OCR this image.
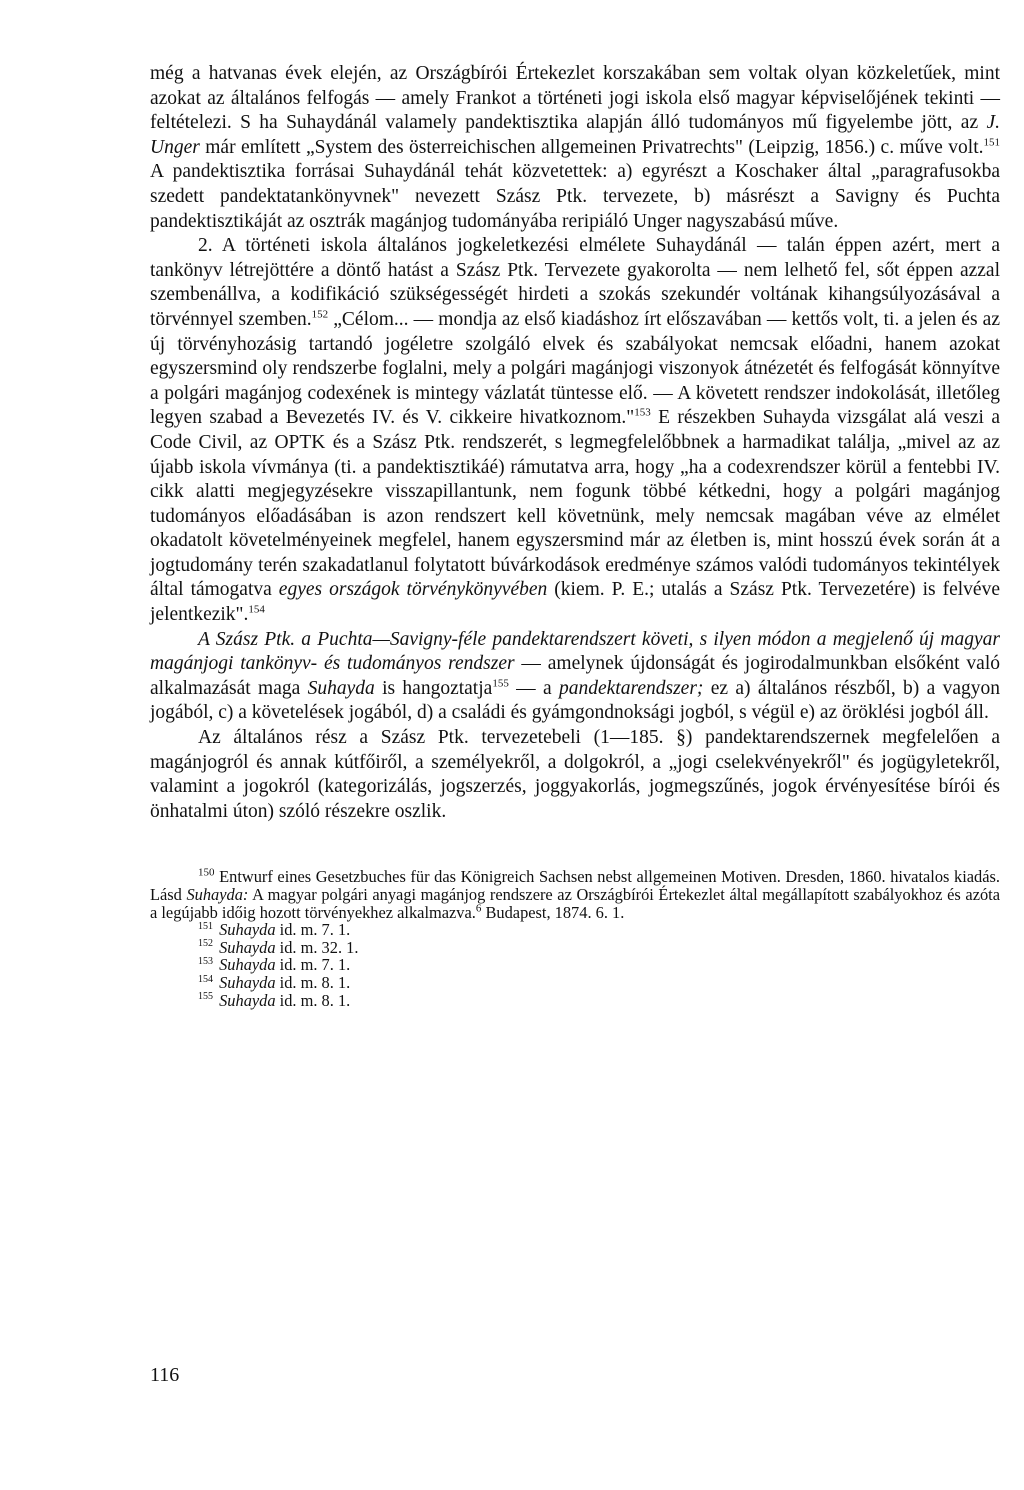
még a hatvanas évek elején, az Országbírói Értekezlet korszakában sem voltak olyan közkeletűek, mint azokat az általános felfogás — amely Frankot a történeti jogi iskola első magyar képviselőjének tekinti — feltételezi. S ha Suhaydánál valamely pandektisztika alapján álló tudományos mű figyelembe jött, az J. Unger már említett „System des österreichischen allgemeinen Privatrechts" (Leipzig, 1856.) c. műve volt.$^{151}$ A pandektisztika forrásai Suhaydánál tehát közvetettek: a) egyrészt a Koschaker által „paragrafusokba szedett pandektatankönyvnek" nevezett Szász Ptk. tervezete, b) másrészt a Savigny és Puchta pandektisztikáját az osztrák magánjog tudományába reripiáló Unger nagyszabású műve.

2. A történeti iskola általános jogkeletkezési elmélete Suhaydánál — talán éppen azért, mert a tankönyv létrejöttére a döntő hatást a Szász Ptk. Tervezete gyakorolta — nem lelhető fel, sőt éppen azzal szembenállva, a kodifikáció szükségességét hirdeti a szokás szekundér voltának kihangsúlyozásával a törvénnyel szemben.$^{152}$ „Célom... — mondja az első kiadáshoz írt előszavában — kettős volt, ti. a jelen és az új törvényhozásig tartandó jogéletre szolgáló elvek és szabályokat nemcsak előadni, hanem azokat egyszersmind oly rendszerbe foglalni, mely a polgári magánjogi viszonyok átnézetét és felfogását könnyítve a polgári magánjog codexének is mintegy vázlatát tüntesse elő. — A követett rendszer indokolását, illetőleg legyen szabad a Bevezetés IV. és V. cikkeire hivatkoznom."$^{153}$ E részekben Suhayda vizsgálat alá veszi a Code Civil, az OPTK és a Szász Ptk. rendszerét, s legmegfelelőbbnek a harmadikat találja, „mivel az az újabb iskola vívmánya (ti. a pandektisztikáé) rámutatva arra, hogy „ha a codexrendszer körül a fentebbi IV. cikk alatti megjegyzésekre visszapillantunk, nem fogunk többé kétkedni, hogy a polgári magánjog tudományos előadásában is azon rendszert kell követnünk, mely nemcsak magában véve az elmélet okadatolt követelményeinek megfelel, hanem egyszersmind már az életben is, mint hosszú évek során át a jogtudomány terén szakadatlanul folytatott búvárkodások eredménye számos valódi tudományos tekintélyek által támogatva egyes országok törvénykönyvében (kiem. P. E.; utalás a Szász Ptk. Tervezetére) is felvéve jelentkezik".$^{154}$

A Szász Ptk. a Puchta—Savigny-féle pandektarendszert követi, s ilyen módon a megjelenő új magyar magánjogi tankönyv- és tudományos rendszer — amelynek újdonságát és jogirodalmunkban elsőként való alkalmazását maga Suhayda is hangoztatja$^{155}$ — a pandektarendszer; ez a) általános részből, b) a vagyon jogából, c) a követelések jogából, d) a családi és gyámgondnoksági jogból, s végül e) az öröklési jogból áll.

Az általános rész a Szász Ptk. tervezetebeli (1—185. §) pandektarendszernek megfelelően a magánjogról és annak kútfőiről, a személyekről, a dolgokról, a „jogi cselekvényekről" és jogügyletekről, valamint a jogokról (kategorizálás, jogszerzés, joggyakorlás, jogmegszűnés, jogok érvényesítése bírói és önhatalmi úton) szóló részekre oszlik.

$^{150}$ Entwurf eines Gesetzbuches für das Königreich Sachsen nebst allgemeinen Motiven. Dresden, 1860. hivatalos kiadás. Lásd Suhayda: A magyar polgári anyagi magánjog rendszere az Országbírói Értekezlet által megállapított szabályokhoz és azóta a legújabb időig hozott törvényekhez alkalmazva.$^6$ Budapest, 1874. 6. 1.

$^{151}$ Suhayda id. m. 7. 1.

$^{152}$ Suhayda id. m. 32. 1.

$^{153}$ Suhayda id. m. 7. 1.

$^{154}$ Suhayda id. m. 8. 1.

$^{155}$ Suhayda id. m. 8. 1.

116
